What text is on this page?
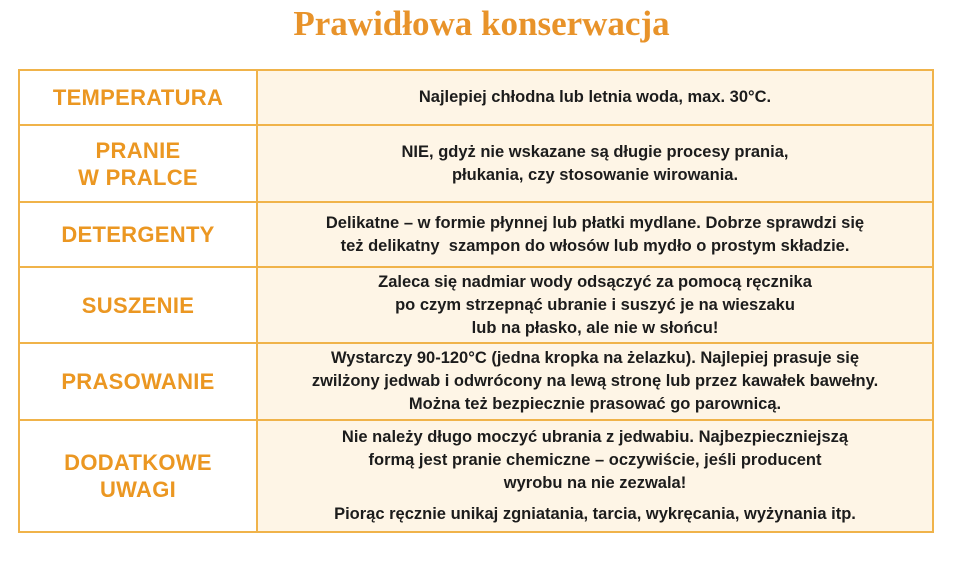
Prawidłowa konserwacja
TEMPERATURA	Najlepiej chłodna lub letnia woda, max. 30°C.

PRANIE
W PRALCE	NIE, gdyż nie wskazane są długie procesy prania,
płukania, czy stosowanie wirowania.

DETERGENTY	Delikatne – w formie płynnej lub płatki mydlane. Dobrze sprawdzi się
też delikatny  szampon do włosów lub mydło o prostym składzie.

SUSZENIE	Zaleca się nadmiar wody odsączyć za pomocą ręcznika
po czym strzepnąć ubranie i suszyć je na wieszaku
lub na płasko, ale nie w słońcu!

PRASOWANIE	Wystarczy 90-120°C (jedna kropka na żelazku). Najlepiej prasuje się
zwilżony jedwab i odwrócony na lewą stronę lub przez kawałek bawełny.
Można też bezpiecznie prasować go parownicą.

DODATKOWE
UWAGI	Nie należy długo moczyć ubrania z jedwabiu. Najbezpieczniejszą
formą jest pranie chemiczne – oczywiście, jeśli producent
wyrobu na nie zezwala!
Piorąc ręcznie unikaj zgniatania, tarcia, wykręcania, wyżynania itp.
